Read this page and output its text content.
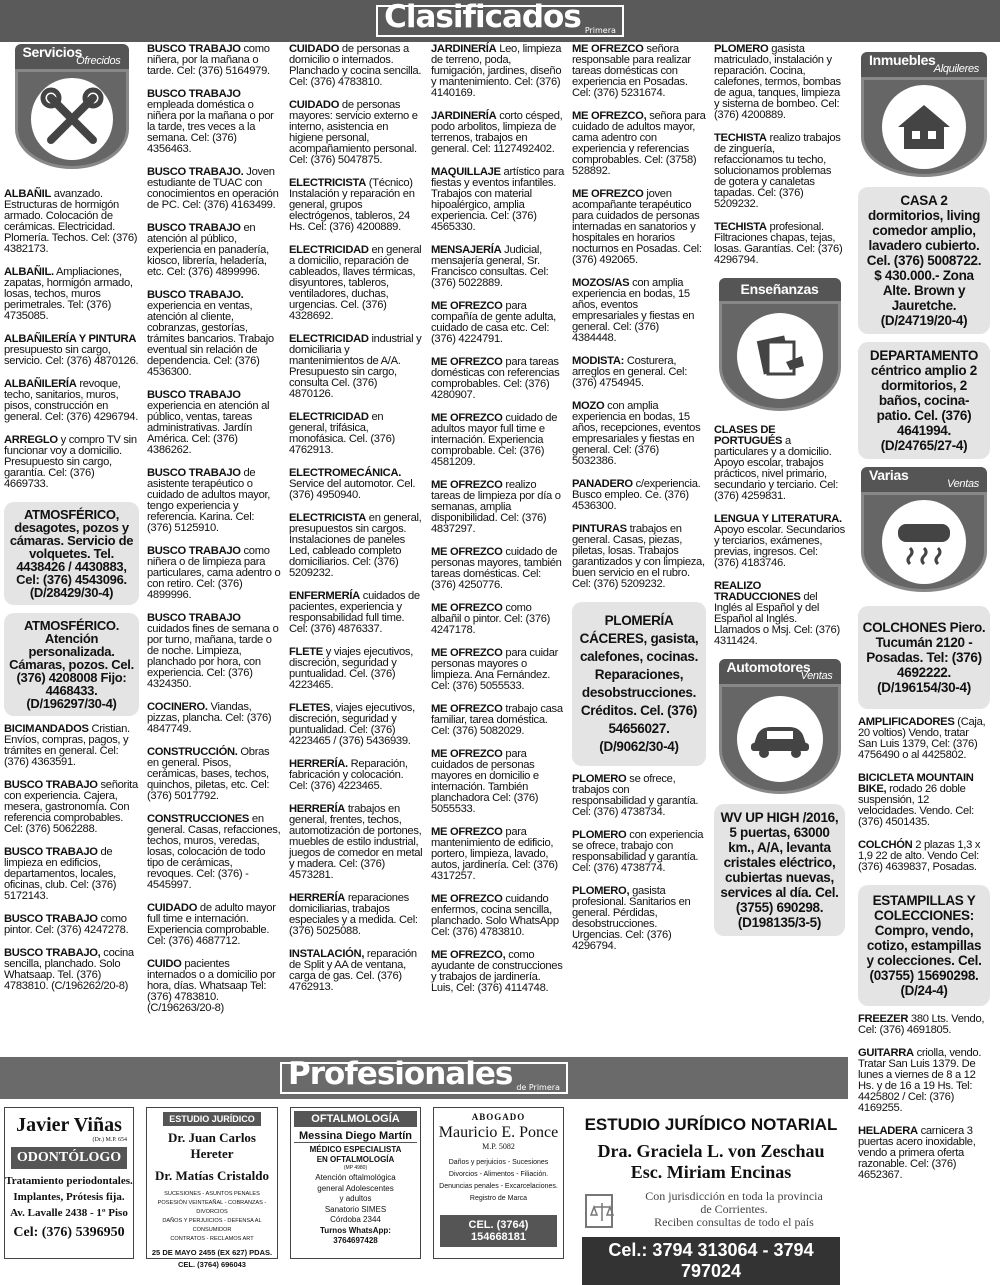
Clasificados Primera
Servicios
Ofrecidos
ALBAÑIL avanzado. Estructuras de hormigón armado. Colocación de cerámicas. Electricidad. Plomería. Techos. Cel: (376) 4382173.
ALBAÑIL. Ampliaciones, zapatas, hormigón armado, losas, techos, muros perimetrales. Tel: (376) 4735085.
ALBAÑILERÍA Y PINTURA presupuesto sin cargo, servicio. Cel: (376) 4870126.
ALBAÑILERÍA revoque, techo, sanitarios, muros, pisos, construcción en general. Cel: (376) 4296794.
ARREGLO y compro TV sin funcionar voy a domicilio. Presupuesto sin cargo, garantía. Cel: (376) 4669733.
ATMOSFÉRICO, desagotes, pozos y cámaras. Servicio de volquetes. Tel. 4438426 / 4430883, Cel: (376) 4543096. (D/28429/30-4)
ATMOSFÉRICO. Atención personalizada. Cámaras, pozos. Cel. (376) 4208008 Fijo: 4468433. (D/196297/30-4)
BICIMANDADOS Cristian. Envíos, compras, pagos, y trámites en general. Cel: (376) 4363591.
BUSCO TRABAJO señorita con experiencia. Cajera, mesera, gastronomía. Con referencia comprobables. Cel: (376) 5062288.
BUSCO TRABAJO de limpieza en edificios, departamentos, locales, oficinas, club. Cel: (376) 5172143.
BUSCO TRABAJO como pintor. Cel: (376) 4247278.
BUSCO TRABAJO, cocina sencilla, planchado. Solo Whatsaap. Tel. (376) 4783810. (C/196262/20-8)
BUSCO TRABAJO como niñera, por la mañana o tarde. Cel: (376) 5164979.
BUSCO TRABAJO empleada doméstica o niñera por la mañana o por la tarde, tres veces a la semana. Cel: (376) 4356463.
BUSCO TRABAJO. Joven estudiante de TUAC con conocimientos en operación de PC. Cel: (376) 4163499.
BUSCO TRABAJO en atención al público, experiencia en panadería, kiosco, librería, heladería, etc. Cel: (376) 4899996.
BUSCO TRABAJO. experiencia en ventas, atención al cliente, cobranzas, gestorías, trámites bancarios. Trabajo eventual sin relación de dependencia. Cel: (376) 4536300.
BUSCO TRABAJO experiencia en atención al público, ventas, tareas administrativas. Jardín América. Cel: (376) 4386262.
BUSCO TRABAJO de asistente terapéutico o cuidado de adultos mayor, tengo experiencia y referencia. Karina. Cel: (376) 5125910.
BUSCO TRABAJO como niñera o de limpieza para particulares, cama adentro o con retiro. Cel: (376) 4899996.
BUSCO TRABAJO cuidados fines de semana o por turno, mañana, tarde o de noche. Limpieza, planchado por hora, con experiencia. Cel: (376) 4324350.
COCINERO. Viandas, pizzas, plancha. Cel: (376) 4847749.
CONSTRUCCIÓN. Obras en general. Pisos, cerámicas, bases, techos, quinchos, piletas, etc. Cel: (376) 5017792.
CONSTRUCCIONES en general. Casas, refacciones, techos, muros, veredas, losas, colocación de todo tipo de cerámicas, revoques. Cel: (376) - 4545997.
CUIDADO de adulto mayor full time e internación. Experiencia comprobable. Cel: (376) 4687712.
CUIDO pacientes internados o a domicilio por hora, días. Whatsaap Tel: (376) 4783810. (C/196263/20-8)
CUIDADO de personas a domicilio o internados. Planchado y cocina sencilla. Cel: (376) 4783810.
CUIDADO de personas mayores: servicio externo e interno, asistencia en higiene personal, acompañamiento personal. Cel: (376) 5047875.
ELECTRICISTA (Técnico) Instalación y reparación en general, grupos electrógenos, tableros, 24 Hs. Cel: (376) 4200889.
ELECTRICIDAD en general a domicilio, reparación de cableados, llaves térmicas, disyuntores, tableros, ventiladores, duchas, urgencias. Cel. (376) 4328692.
ELECTRICIDAD industrial y domiciliaria y mantenimientos de A/A. Presupuesto sin cargo, consulta Cel. (376) 4870126.
ELECTRICIDAD en general, trifásica, monofásica. Cel. (376) 4762913.
ELECTROMECÁNICA. Service del automotor. Cel. (376) 4950940.
ELECTRICISTA en general, presupuestos sin cargos. Instalaciones de paneles Led, cableado completo domiciliarios. Cel: (376) 5209232.
ENFERMERÍA cuidados de pacientes, experiencia y responsabilidad full time. Cel: (376) 4876337.
FLETE y viajes ejecutivos, discreción, seguridad y puntualidad. Cel. (376) 4223465.
FLETES, viajes ejecutivos, discreción, seguridad y puntualidad. Cel: (376) 4223465 / (376) 5436939.
HERRERÍA. Reparación, fabricación y colocación. Cel: (376) 4223465.
HERRERÍA trabajos en general, frentes, techos, automotización de portones, muebles de estilo industrial, juegos de comedor en metal y madera. Cel: (376) 4573281.
HERRERÍA reparaciones domiciliarias, trabajos especiales y a medida. Cel: (376) 5025088.
INSTALACIÓN, reparación de Split y AA de ventana, carga de gas. Cel. (376) 4762913.
JARDINERÍA Leo, limpieza de terreno, poda, fumigación, jardines, diseño y mantenimiento. Cel: (376) 4140169.
JARDINERÍA corto césped, podo arbolitos, limpieza de terrenos, trabajos en general. Cel: 1127492402.
MAQUILLAJE artístico para fiestas y eventos infantiles. Trabajos con material hipoalérgico, amplia experiencia. Cel: (376) 4565330.
MENSAJERÍA Judicial, mensajería general, Sr. Francisco consultas. Cel: (376) 5022889.
ME OFREZCO para compañía de gente adulta, cuidado de casa etc. Cel: (376) 4224791.
ME OFREZCO para tareas domésticas con referencias comprobables. Cel: (376) 4280907.
ME OFREZCO cuidado de adultos mayor full time e internación. Experiencia comprobable. Cel: (376) 4581209.
ME OFREZCO realizo tareas de limpieza por día o semanas, amplia disponibilidad. Cel: (376) 4837297.
ME OFREZCO cuidado de personas mayores, también tareas domésticas. Cel: (376) 4250776.
ME OFREZCO como albañil o pintor. Cel: (376) 4247178.
ME OFREZCO para cuidar personas mayores o limpieza. Ana Fernández. Cel: (376) 5055533.
ME OFREZCO trabajo casa familiar, tarea doméstica. Cel: (376) 5082029.
ME OFREZCO para cuidados de personas mayores en domicilio e internación. También planchadora Cel: (376) 5055533.
ME OFREZCO para mantenimiento de edificio, portero, limpieza, lavado, autos, jardinería. Cel: (376) 4317257.
ME OFREZCO cuidando enfermos, cocina sencilla, planchado. Solo WhatsApp Cel: (376) 4783810.
ME OFREZCO, como ayudante de construcciones y trabajos de jardinería. Luis, Cel: (376) 4114748.
ME OFREZCO señora responsable para realizar tareas domésticas con experiencia en Posadas. Cel: (376) 5231674.
ME OFREZCO, señora para cuidado de adultos mayor, cama adentro con experiencia y referencias comprobables. Cel: (3758) 528892.
ME OFREZCO joven acompañante terapéutico para cuidados de personas internadas en sanatorios y hospitales en horarios nocturnos en Posadas. Cel: (376) 492065.
MOZOS/AS con amplia experiencia en bodas, 15 años, eventos empresariales y fiestas en general. Cel: (376) 4384448.
MODISTA: Costurera, arreglos en general. Cel: (376) 4754945.
MOZO con amplia experiencia en bodas, 15 años, recepciones, eventos empresariales y fiestas en general. Cel: (376) 5032386.
PANADERO c/experiencia. Busco empleo. Ce. (376) 4536300.
PINTURAS trabajos en general. Casas, piezas, piletas, losas. Trabajos garantizados y con limpieza, buen servicio en el rubro. Cel: (376) 5209232.
PLOMERÍA CÁCERES, gasista, calefones, cocinas. Reparaciones, desobstrucciones. Créditos. Cel. (376) 54656027. (D/9062/30-4)
PLOMERO se ofrece, trabajos con responsabilidad y garantía. Cel: (376) 4738734.
PLOMERO con experiencia se ofrece, trabajo con responsabilidad y garantía. Cel: (376) 4738774.
PLOMERO, gasista profesional. Sanitarios en general. Pérdidas, desobstrucciones. Urgencias. Cel: (376) 4296794.
PLOMERO gasista matriculado, instalación y reparación. Cocina, calefones, termos, bombas de agua, tanques, limpieza y sisterna de bombeo. Cel: (376) 4200889.
TECHISTA realizo trabajos de zinguería, refaccionamos tu techo, solucionamos problemas de gotera y canaletas tapadas. Cel: (376) 5209232.
TECHISTA profesional. Filtraciones chapas, tejas, losas. Garantías. Cel: (376) 4296794.
Enseñanzas
CLASES DE PORTUGUÉS a particulares y a domicilio. Apoyo escolar, trabajos prácticos, nivel primario, secundario y terciario. Cel: (376) 4259831.
LENGUA Y LITERATURA. Apoyo escolar. Secundarios y terciarios, exámenes, previas, ingresos. Cel: (376) 4183746.
REALIZO TRADUCCIONES del Inglés al Español y del Español al Inglés. Llamados o Msj. Cel: (376) 4311424.
Automotores
Ventas
WV UP HIGH /2016, 5 puertas, 63000 km., A/A, levanta cristales eléctrico, cubiertas nuevas, services al día. Cel. (3755) 690298. (D198135/3-5)
Inmuebles
Alquileres
CASA 2 dormitorios, living comedor amplio, lavadero cubierto. Cel. (376) 5008722. $ 430.000.- Zona Alte. Brown y Jauretche. (D/24719/20-4)
DEPARTAMENTO céntrico amplio 2 dormitorios, 2 baños, cocina-patio. Cel. (376) 4641994. (D/24765/27-4)
Varias
Ventas
COLCHONES Piero. Tucumán 2120 - Posadas. Tel: (376) 4692222. (D/196154/30-4)
AMPLIFICADORES (Caja, 20 voltios) Vendo, tratar San Luis 1379, Cel: (376) 4756490 o al 4425802.
BICICLETA MOUNTAIN BIKE, rodado 26 doble suspensión, 12 velocidades. Vendo. Cel: (376) 4501435.
COLCHÓN 2 plazas 1,3 x 1,9 22 de alto. Vendo Cel: (376) 4639837, Posadas.
ESTAMPILLAS Y COLECCIONES: Compro, vendo, cotizo, estampillas y colecciones. Cel. (03755) 15690298. (D/24-4)
FREEZER 380 Lts. Vendo, Cel: (376) 4691805.
GUITARRA criolla, vendo. Tratar San Luis 1379. De lunes a viernes de 8 a 12 Hs. y de 16 a 19 Hs. Tel: 4425802 / Cel: (376) 4169255.
HELADERA carnicera 3 puertas acero inoxidable, vendo a primera oferta razonable. Cel: (376) 4652367.
Profesionales de Primera
Javier Viñas
(Dr.) M.P. 654
ODONTÓLOGO
Tratamiento periodontales.
Implantes, Prótesis fija.
Av. Lavalle 2438 - 1º Piso
Cel: (376) 5396950
ESTUDIO JURÍDICO
Dr. Juan Carlos Hereter
Dr. Matías Cristaldo
SUCESIONES - ASUNTOS PENALES
POSESIÓN VEINTEAÑAL - COBRANZAS - DIVORCIOS
DAÑOS Y PERJUICIOS - DEFENSA AL CONSUMIDOR
CONTRATOS - RECLAMOS ART
25 DE MAYO 2455 (EX 627) PDAS.
CEL. (3764) 696043
OFTALMOLOGÍA
Messina Diego Martín
MÉDICO ESPECIALISTA
EN OFTALMOLOGÍA
(MP 4980)
Atención oftalmológica
general Adolescentes
y adultos
Sanatorio SIMES
Córdoba 2344
Turnos WhatsApp:
3764697428
ABOGADO
Mauricio E. Ponce
M.P. 5082
Daños y perjuicios - Sucesiones
Divorcios - Alimentos - Filiación.
Denuncias penales - Excarcelaciones.
Registro de Marca
CEL. (3764) 154668181
ESTUDIO JURÍDICO NOTARIAL
Dra. Graciela L. von Zeschau
Esc. Miriam Encinas
Con jurisdicción en toda la provincia
de Corrientes.
Reciben consultas de todo el país
Cel.: 3794 313064 - 3794 797024
